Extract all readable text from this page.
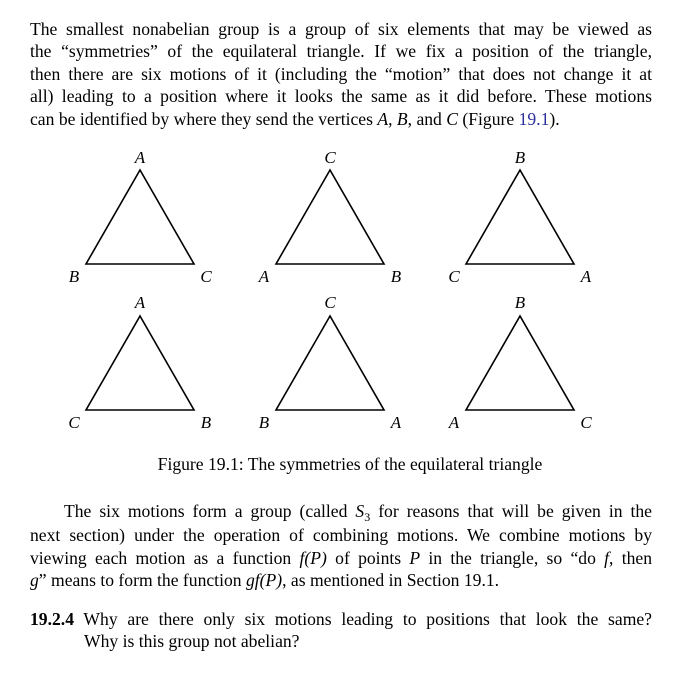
The smallest nonabelian group is a group of six elements that may be viewed as
the “symmetries” of the equilateral triangle. If we fix a position of the triangle,
then there are six motions of it (including the “motion” that does not change it at
all) leading to a position where it looks the same as it did before. These motions
can be identified by where they send the vertices A, B, and C (Figure 19.1).
A
B	C
C
A	B
B
C	A
A
C	B
C
B	A
B
A	C
Figure 19.1: The symmetries of the equilateral triangle
The six motions form a group (called $S_3$ for reasons that will be given in the
next section) under the operation of combining motions. We combine motions by
viewing each motion as a function f(P) of points P in the triangle, so “do f, then
g” means to form the function gf(P), as mentioned in Section 19.1.
19.2.4 Why are there only six motions leading to positions that look the same?
Why is this group not abelian?
